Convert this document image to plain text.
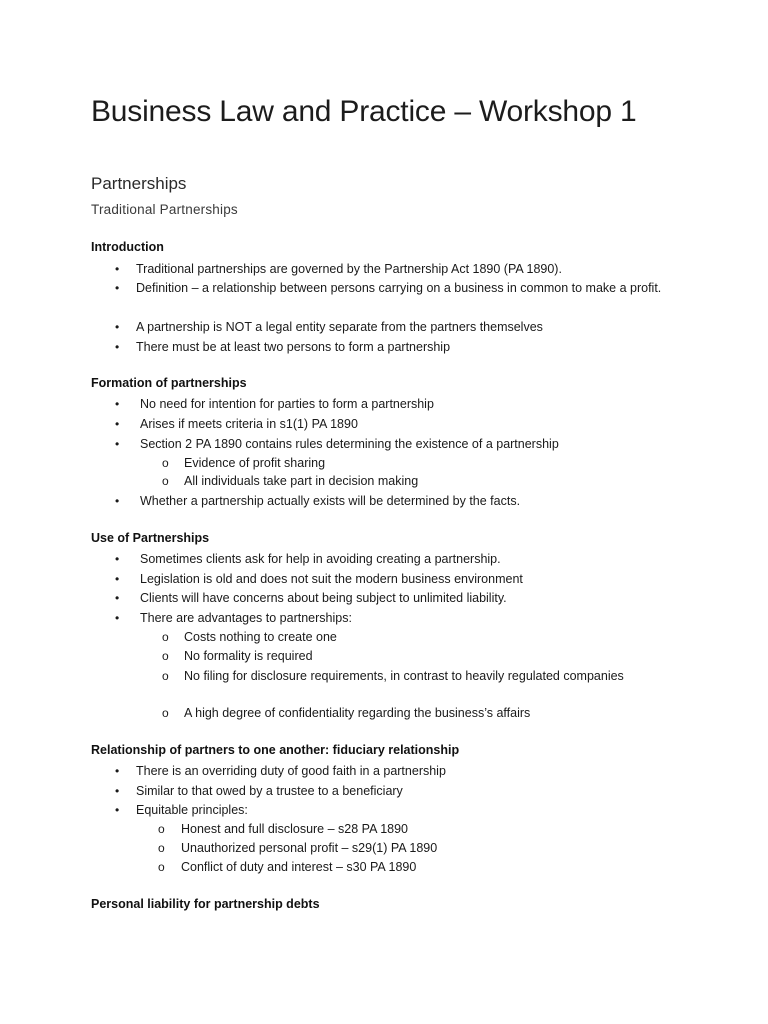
Business Law and Practice – Workshop 1
Partnerships
Traditional Partnerships
Introduction
• Traditional partnerships are governed by the Partnership Act 1890 (PA 1890).
• Definition – a relationship between persons carrying on a business in common to make a profit.
• A partnership is NOT a legal entity separate from the partners themselves
• There must be at least two persons to form a partnership
Formation of partnerships
• No need for intention for parties to form a partnership
• Arises if meets criteria in s1(1) PA 1890
• Section 2 PA 1890 contains rules determining the existence of a partnership
o Evidence of profit sharing
o All individuals take part in decision making
• Whether a partnership actually exists will be determined by the facts.
Use of Partnerships
• Sometimes clients ask for help in avoiding creating a partnership.
• Legislation is old and does not suit the modern business environment
• Clients will have concerns about being subject to unlimited liability.
• There are advantages to partnerships:
o Costs nothing to create one
o No formality is required
o No filing for disclosure requirements, in contrast to heavily regulated companies
o A high degree of confidentiality regarding the business’s affairs
Relationship of partners to one another: fiduciary relationship
• There is an overriding duty of good faith in a partnership
• Similar to that owed by a trustee to a beneficiary
• Equitable principles:
o Honest and full disclosure – s28 PA 1890
o Unauthorized personal profit – s29(1) PA 1890
o Conflict of duty and interest – s30 PA 1890
Personal liability for partnership debts
